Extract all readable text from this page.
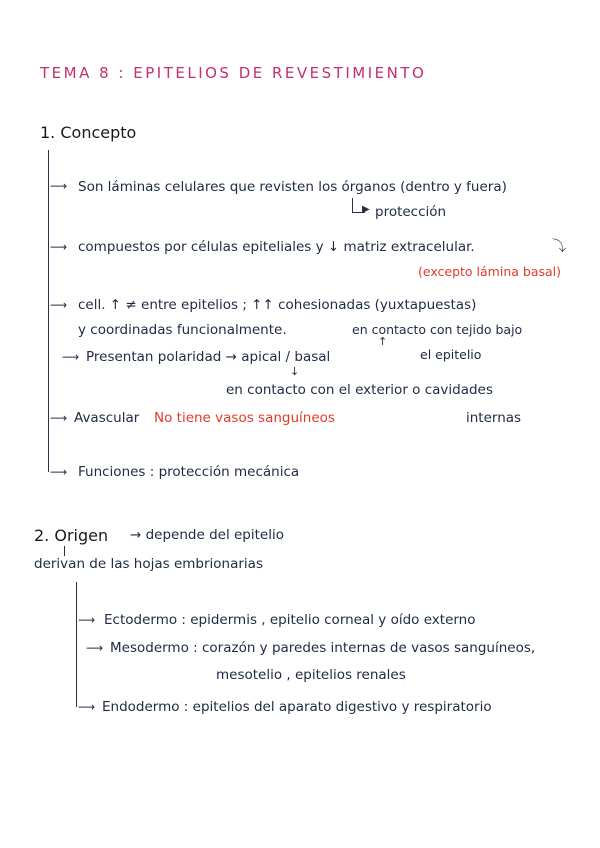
TEMA 8 : EPITELIOS DE REVESTIMIENTO
1. Concepto
⟶ Son láminas celulares que revisten los órganos (dentro y fuera)
▶ protección
⟶ compuestos por células epiteliales y ↓ matriz extracelular.	⤵
(excepto lámina basal)
⟶ cell. ↑ ≠ entre epitelios ; ↑↑ cohesionadas (yuxtapuestas)
y coordinadas funcionalmente.	en contacto con tejido bajo
⟶ Presentan polaridad → apical / basal
↑
↓
el epitelio
en contacto con el exterior o cavidades
⟶ Avascular No tiene vasos sanguíneos	internas
⟶ Funciones : protección mecánica
2. Origen → depende del epitelio
derivan de las hojas embrionarias
⟶ Ectodermo : epidermis , epitelio corneal y oído externo
⟶ Mesodermo : corazón y paredes internas de vasos sanguíneos,
mesotelio , epitelios renales
⟶ Endodermo : epitelios del aparato digestivo y respiratorio
